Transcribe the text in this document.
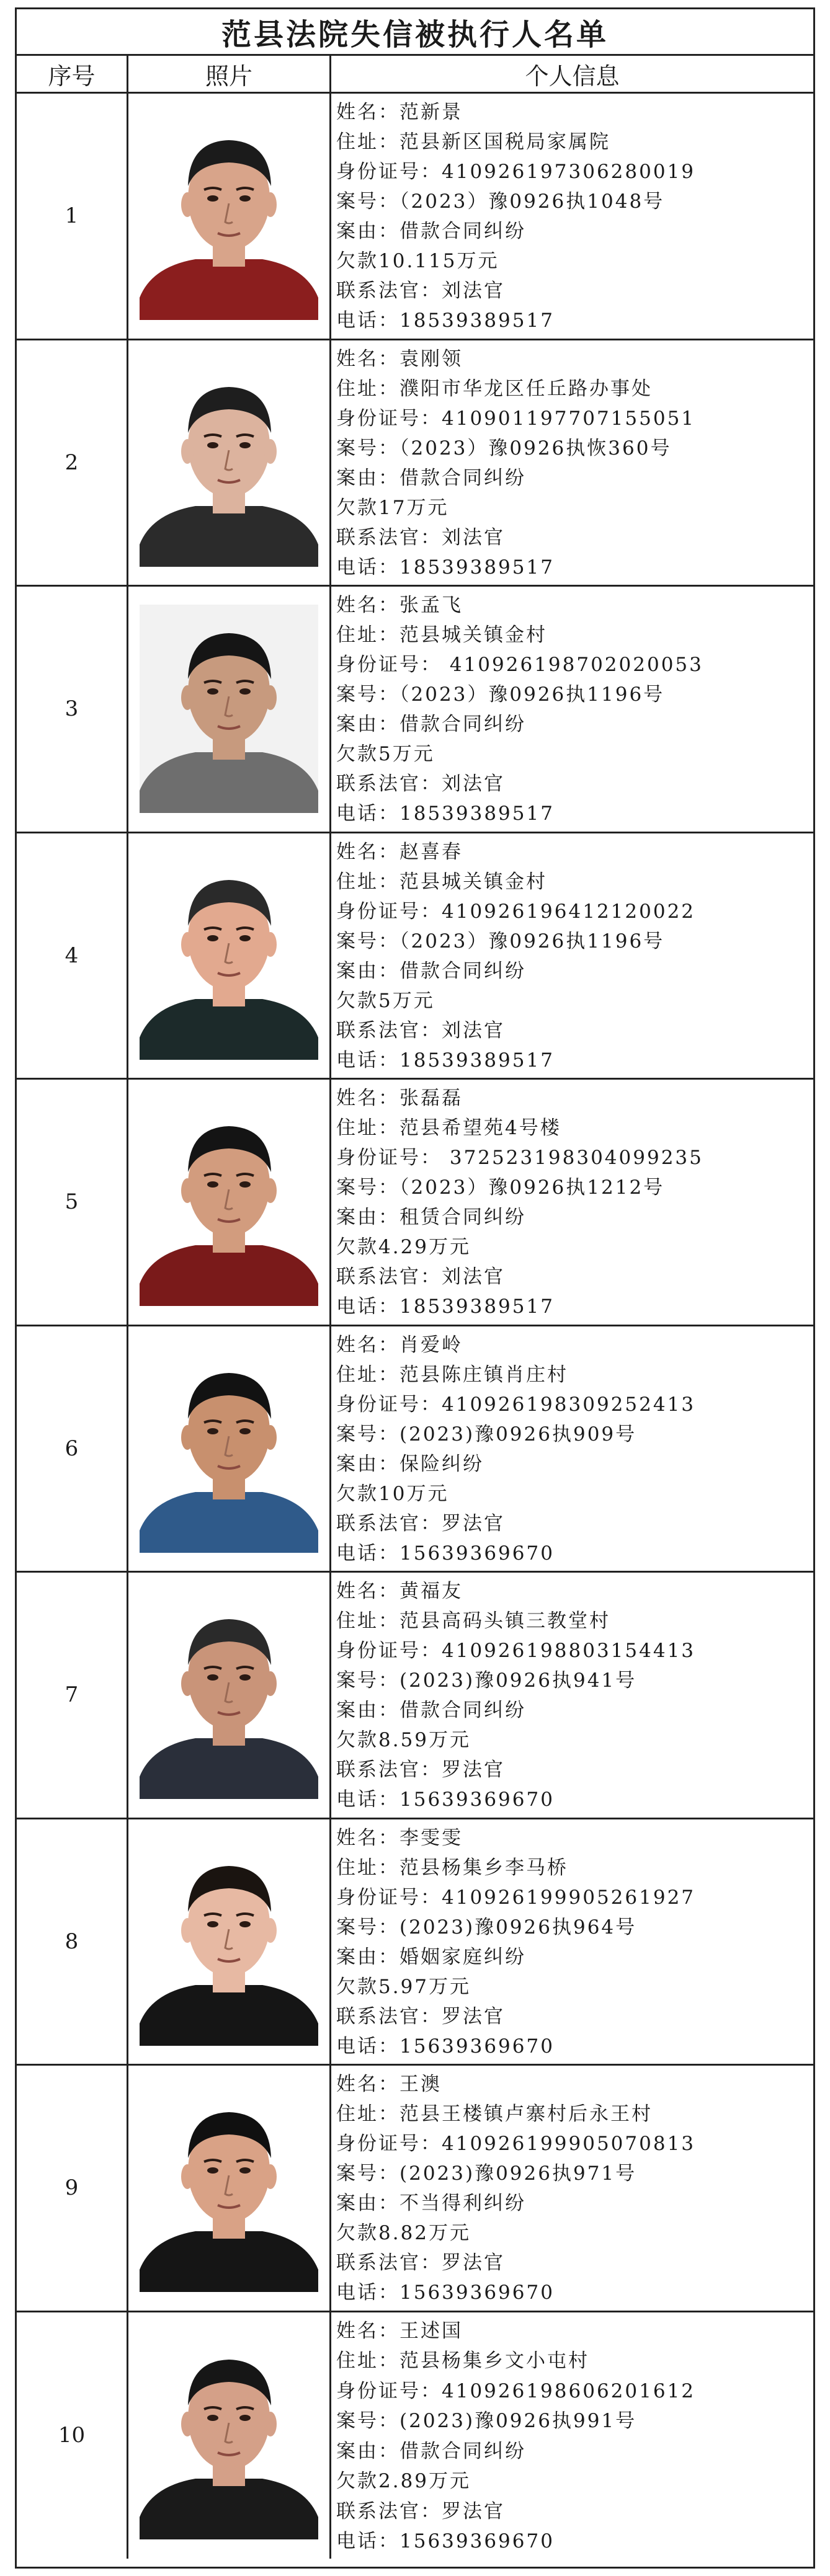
范县法院失信被执行人名单
序号	照片	个人信息
1
姓名：范新景
住址：范县新区国税局家属院
身份证号：410926197306280019
案号：（2023）豫0926执1048号
案由：借款合同纠纷
欠款10.115万元
联系法官：刘法官
电话：18539389517
2
姓名：袁刚领
住址：濮阳市华龙区任丘路办事处
身份证号：410901197707155051
案号：（2023）豫0926执恢360号
案由：借款合同纠纷
欠款17万元
联系法官：刘法官
电话：18539389517
3
姓名：张孟飞
住址：范县城关镇金村
身份证号： 410926198702020053
案号：（2023）豫0926执1196号
案由：借款合同纠纷
欠款5万元
联系法官：刘法官
电话：18539389517
4
姓名：赵喜春
住址：范县城关镇金村
身份证号：410926196412120022
案号：（2023）豫0926执1196号
案由：借款合同纠纷
欠款5万元
联系法官：刘法官
电话：18539389517
5
姓名：张磊磊
住址：范县希望苑4号楼
身份证号： 372523198304099235
案号：（2023）豫0926执1212号
案由：租赁合同纠纷
欠款4.29万元
联系法官：刘法官
电话：18539389517
6
姓名：肖爱岭
住址：范县陈庄镇肖庄村
身份证号：410926198309252413
案号：(2023)豫0926执909号
案由：保险纠纷
欠款10万元
联系法官：罗法官
电话：15639369670
7
姓名：黄福友
住址：范县高码头镇三教堂村
身份证号：410926198803154413
案号：(2023)豫0926执941号
案由：借款合同纠纷
欠款8.59万元
联系法官：罗法官
电话：15639369670
8
姓名：李雯雯
住址：范县杨集乡李马桥
身份证号：410926199905261927
案号：(2023)豫0926执964号
案由：婚姻家庭纠纷
欠款5.97万元
联系法官：罗法官
电话：15639369670
9
姓名：王澳
住址：范县王楼镇卢寨村后永王村
身份证号：410926199905070813
案号：(2023)豫0926执971号
案由：不当得利纠纷
欠款8.82万元
联系法官：罗法官
电话：15639369670
10
姓名：王述国
住址：范县杨集乡文小屯村
身份证号：410926198606201612
案号：(2023)豫0926执991号
案由：借款合同纠纷
欠款2.89万元
联系法官：罗法官
电话：15639369670
